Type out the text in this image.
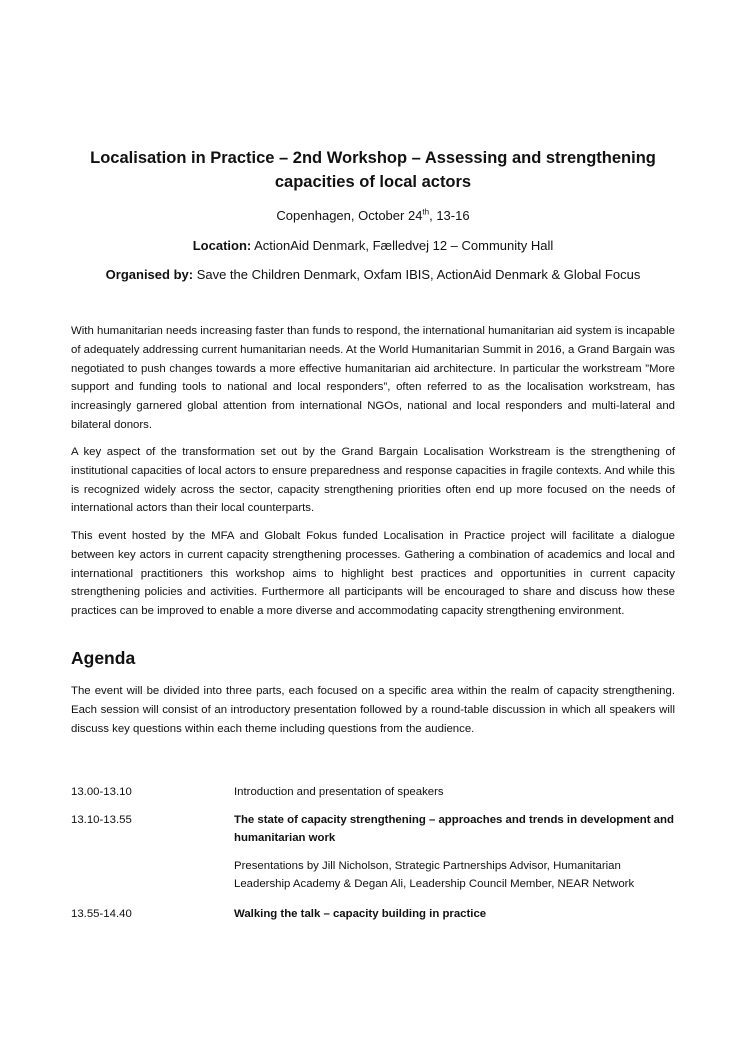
Localisation in Practice – 2nd Workshop – Assessing and strengthening capacities of local actors
Copenhagen, October 24th, 13-16
Location: ActionAid Denmark, Fælledvej 12 – Community Hall
Organised by: Save the Children Denmark, Oxfam IBIS, ActionAid Denmark & Global Focus

With humanitarian needs increasing faster than funds to respond, the international humanitarian aid system is incapable of adequately addressing current humanitarian needs. At the World Humanitarian Summit in 2016, a Grand Bargain was negotiated to push changes towards a more effective humanitarian aid architecture. In particular the workstream ”More support and funding tools to national and local responders”, often referred to as the localisation workstream, has increasingly garnered global attention from international NGOs, national and local responders and multi-lateral and bilateral donors.

A key aspect of the transformation set out by the Grand Bargain Localisation Workstream is the strengthening of institutional capacities of local actors to ensure preparedness and response capacities in fragile contexts. And while this is recognized widely across the sector, capacity strengthening priorities often end up more focused on the needs of international actors than their local counterparts.

This event hosted by the MFA and Globalt Fokus funded Localisation in Practice project will facilitate a dialogue between key actors in current capacity strengthening processes. Gathering a combination of academics and local and international practitioners this workshop aims to highlight best practices and opportunities in current capacity strengthening policies and activities. Furthermore all participants will be encouraged to share and discuss how these practices can be improved to enable a more diverse and accommodating capacity strengthening environment.

Agenda

The event will be divided into three parts, each focused on a specific area within the realm of capacity strengthening. Each session will consist of an introductory presentation followed by a round-table discussion in which all speakers will discuss key questions within each theme including questions from the audience.

13.00-13.10	Introduction and presentation of speakers
13.10-13.55	The state of capacity strengthening – approaches and trends in development and humanitarian work
Presentations by Jill Nicholson, Strategic Partnerships Advisor, Humanitarian Leadership Academy & Degan Ali, Leadership Council Member, NEAR Network
13.55-14.40	Walking the talk – capacity building in practice
